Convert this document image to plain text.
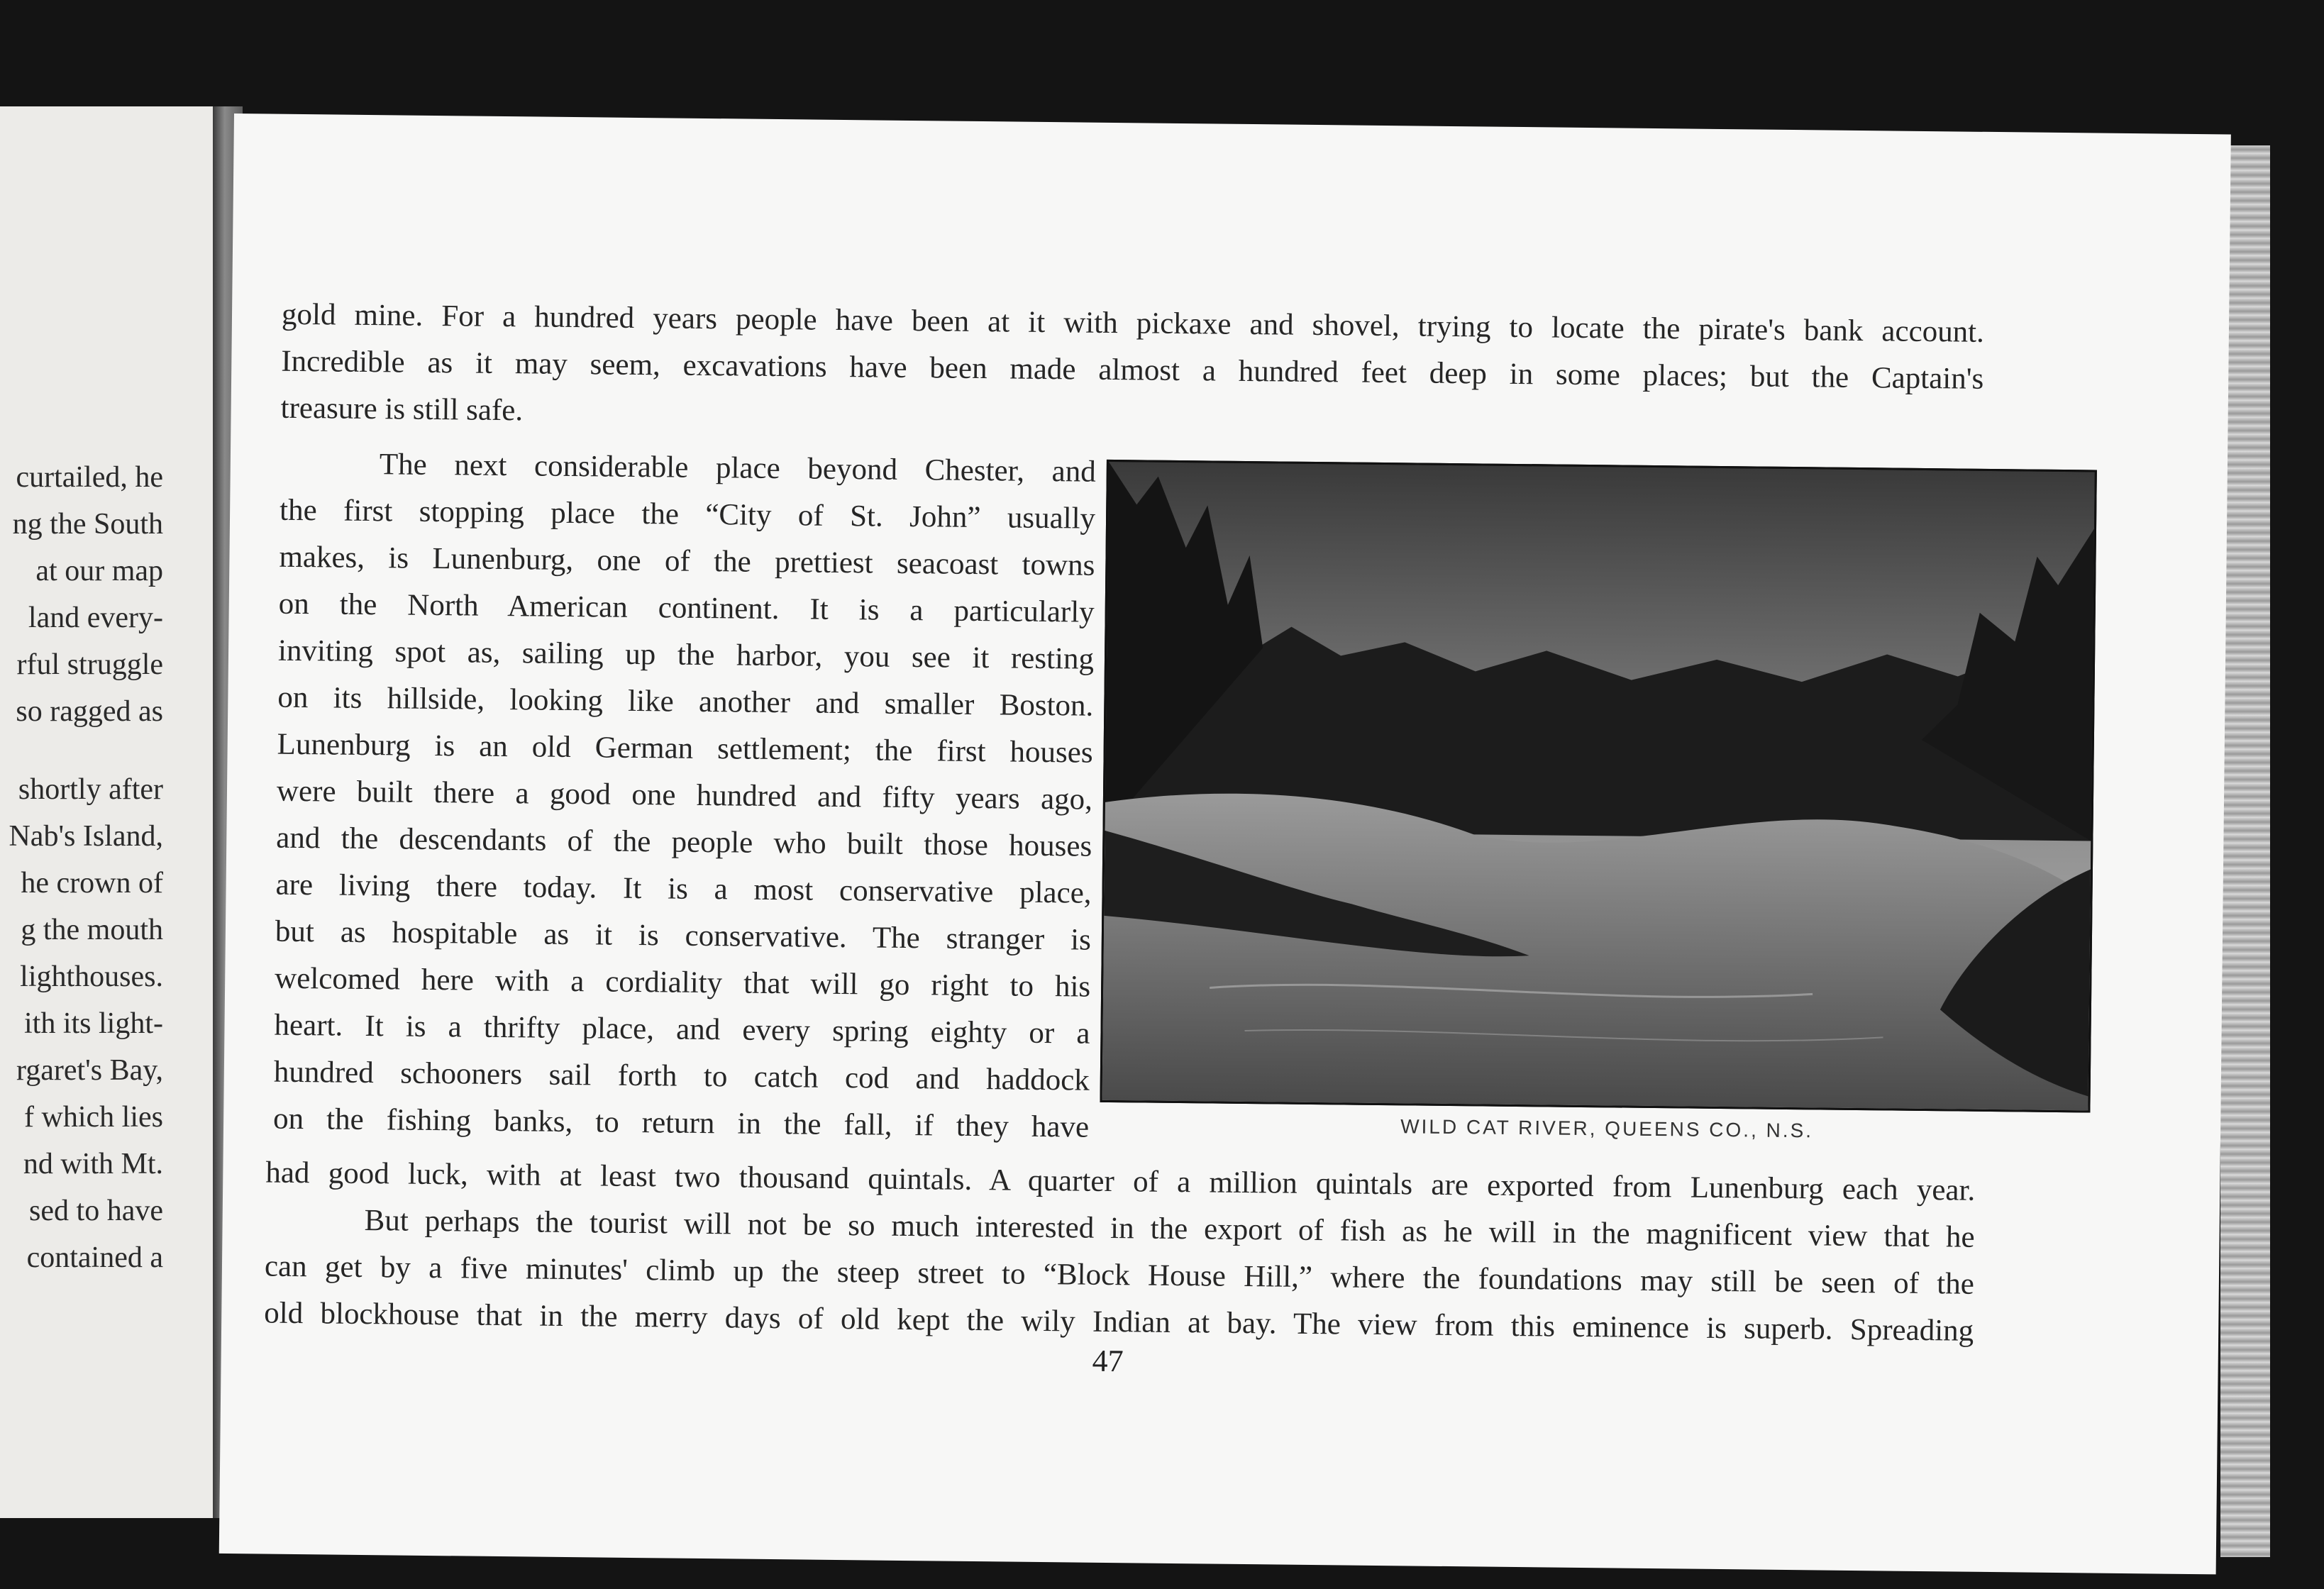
curtailed, he
ng the South
at our map
land every-
rful struggle
so ragged as
shortly after
Nab's Island,
he crown of
g the mouth
lighthouses.
ith its light-
rgaret's Bay,
f which lies
nd with Mt.
sed to have
contained a
gold mine. For a hundred years people have been at it with pickaxe and shovel, trying to locate the pirate's bank account.
Incredible as it may seem, excavations have been made almost a hundred feet deep in some places; but the Captain's
treasure is still safe.
The next considerable place beyond Chester, and
the first stopping place the “City of St. John” usually
makes, is Lunenburg, one of the prettiest seacoast towns
on the North American continent. It is a particularly
inviting spot as, sailing up the harbor, you see it resting
on its hillside, looking like another and smaller Boston.
Lunenburg is an old German settlement; the first houses
were built there a good one hundred and fifty years ago,
and the descendants of the people who built those houses
are living there today. It is a most conservative place,
but as hospitable as it is conservative. The stranger is
welcomed here with a cordiality that will go right to his
heart. It is a thrifty place, and every spring eighty or a
hundred schooners sail forth to catch cod and haddock
on the fishing banks, to return in the fall, if they have	WILD CAT RIVER, QUEENS CO., N.S.
had good luck, with at least two thousand quintals. A quarter of a million quintals are exported from Lunenburg each year.
But perhaps the tourist will not be so much interested in the export of fish as he will in the magnificent view that he
can get by a five minutes' climb up the steep street to “Block House Hill,” where the foundations may still be seen of the
old blockhouse that in the merry days of old kept the wily Indian at bay. The view from this eminence is superb. Spreading
47
